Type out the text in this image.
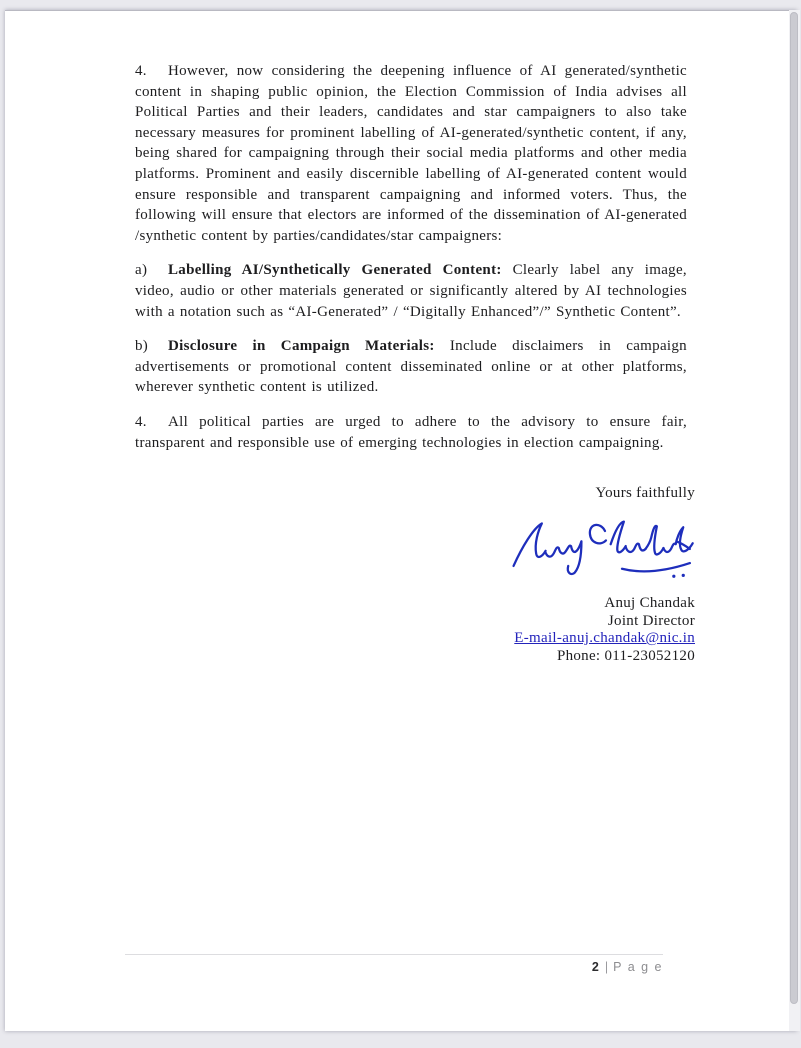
4. However, now considering the deepening influence of AI generated/synthetic content in shaping public opinion, the Election Commission of India advises all Political Parties and their leaders, candidates and star campaigners to also take necessary measures for prominent labelling of AI-generated/synthetic content, if any, being shared for campaigning through their social media platforms and other media platforms. Prominent and easily discernible labelling of AI-generated content would ensure responsible and transparent campaigning and informed voters. Thus, the following will ensure that electors are informed of the dissemination of AI-generated /synthetic content by parties/candidates/star campaigners:

a) Labelling AI/Synthetically Generated Content: Clearly label any image, video, audio or other materials generated or significantly altered by AI technologies with a notation such as “AI-Generated” / “Digitally Enhanced”/” Synthetic Content”.

b) Disclosure in Campaign Materials: Include disclaimers in campaign advertisements or promotional content disseminated online or at other platforms, wherever synthetic content is utilized.

4. All political parties are urged to adhere to the advisory to ensure fair, transparent and responsible use of emerging technologies in election campaigning.

Yours faithfully
Anuj Chandak
Joint Director
E-mail-anuj.chandak@nic.in
Phone: 011-23052120
2 | P a g e
